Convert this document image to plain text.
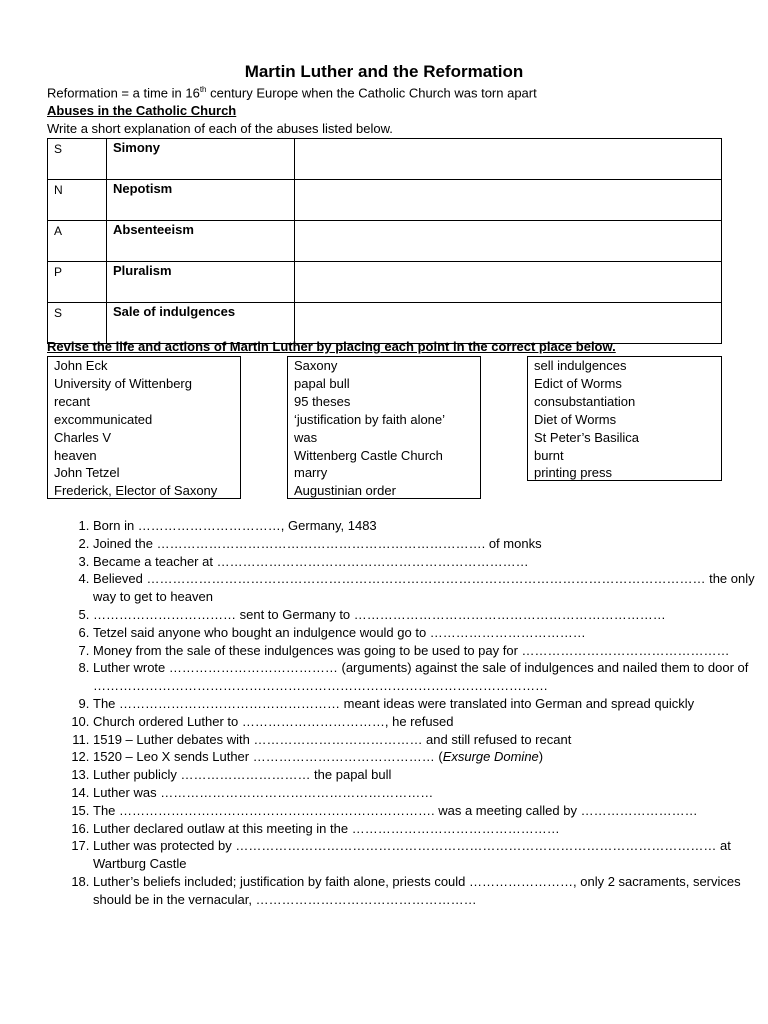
Martin Luther and the Reformation
Reformation = a time in 16th century Europe when the Catholic Church was torn apart
Abuses in the Catholic Church
Write a short explanation of each of the abuses listed below.
S	Simony	
N	Nepotism	
A	Absenteeism	
P	Pluralism	
S	Sale of indulgences	
Revise the life and actions of Martin Luther by placing each point in the correct place below.
John Eck
University of Wittenberg
recant
excommunicated
Charles V
heaven
John Tetzel
Frederick, Elector of Saxony
Saxony
papal bull
95 theses
‘justification by faith alone’
was
Wittenberg Castle Church
marry
Augustinian order
sell indulgences
Edict of Worms
consubstantiation
Diet of Worms
St Peter’s Basilica
burnt
printing press
1. Born in ……………………………, Germany, 1483
2. Joined the …………………………………………………………………. of monks
3. Became a teacher at ………………………………………………………………
4. Believed ………………………………………………………………………………………………………………… the only way to get to heaven
5. …………………………… sent to Germany to ………………………………………………………………
6. Tetzel said anyone who bought an indulgence would go to ………………………………
7. Money from the sale of these indulgences was going to be used to pay for …………………………………………
8. Luther wrote ………………………………… (arguments) against the sale of indulgences and nailed them to door of ……………………………………………………………………………………………
9. The …………………………………………… meant ideas were translated into German and spread quickly
10. Church ordered Luther to ……………………………, he refused
11. 1519 – Luther debates with ………………………………… and still refused to recant
12. 1520 – Leo X sends Luther …………………………………… (Exsurge Domine)
13. Luther publicly ………………………… the papal bull
14. Luther was ………………………………………………………
15. The ………………………………………………………………. was a meeting called by ………………………
16. Luther declared outlaw at this meeting in the …………………………………………
17. Luther was protected by ………………………………………………………………………………………………… at Wartburg Castle
18. Luther’s beliefs included; justification by faith alone, priests could ……………………, only 2 sacraments, services should be in the vernacular, ……………………………………………
